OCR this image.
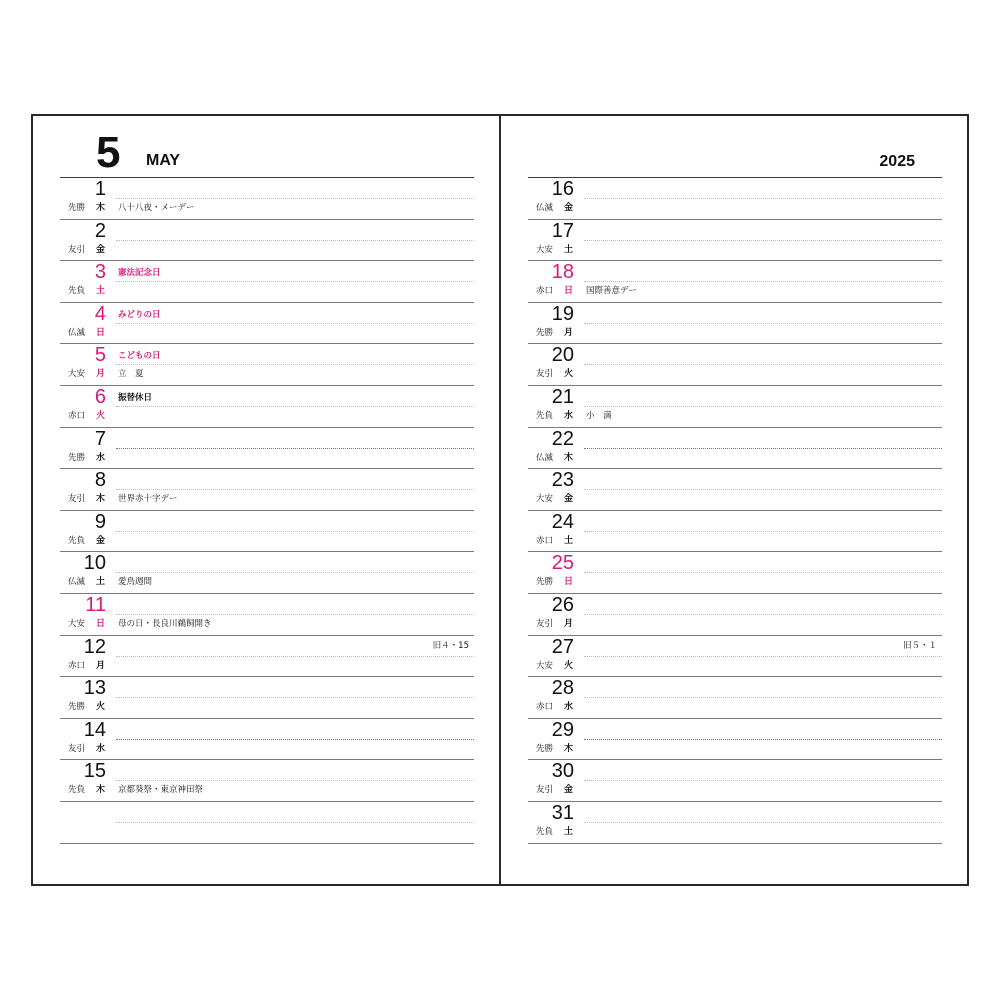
5 MAY
1
先勝 木 八十八夜・メーデー
2
友引 金
3
先負 土
憲法記念日
4
仏滅 日
みどりの日
5
大安 月
こどもの日
立　夏
6
赤口 火
振替休日
7
先勝 水
8
友引 木 世界赤十字デー
9
先負 金
10
仏滅 土 愛鳥週間
11
大安 日 母の日・長良川鵜飼開き
12
赤口 月
旧４・15
13
先勝 火
14
友引 水
15
先負 木 京都葵祭・東京神田祭
2025
16
仏滅 金
17
大安 土
18
赤口 日 国際善意デー
19
先勝 月
20
友引 火
21
先負 水 小　満
22
仏滅 木
23
大安 金
24
赤口 土
25
先勝 日
26
友引 月
27
大安 火
旧５・１
28
赤口 水
29
先勝 木
30
友引 金
31
先負 土
